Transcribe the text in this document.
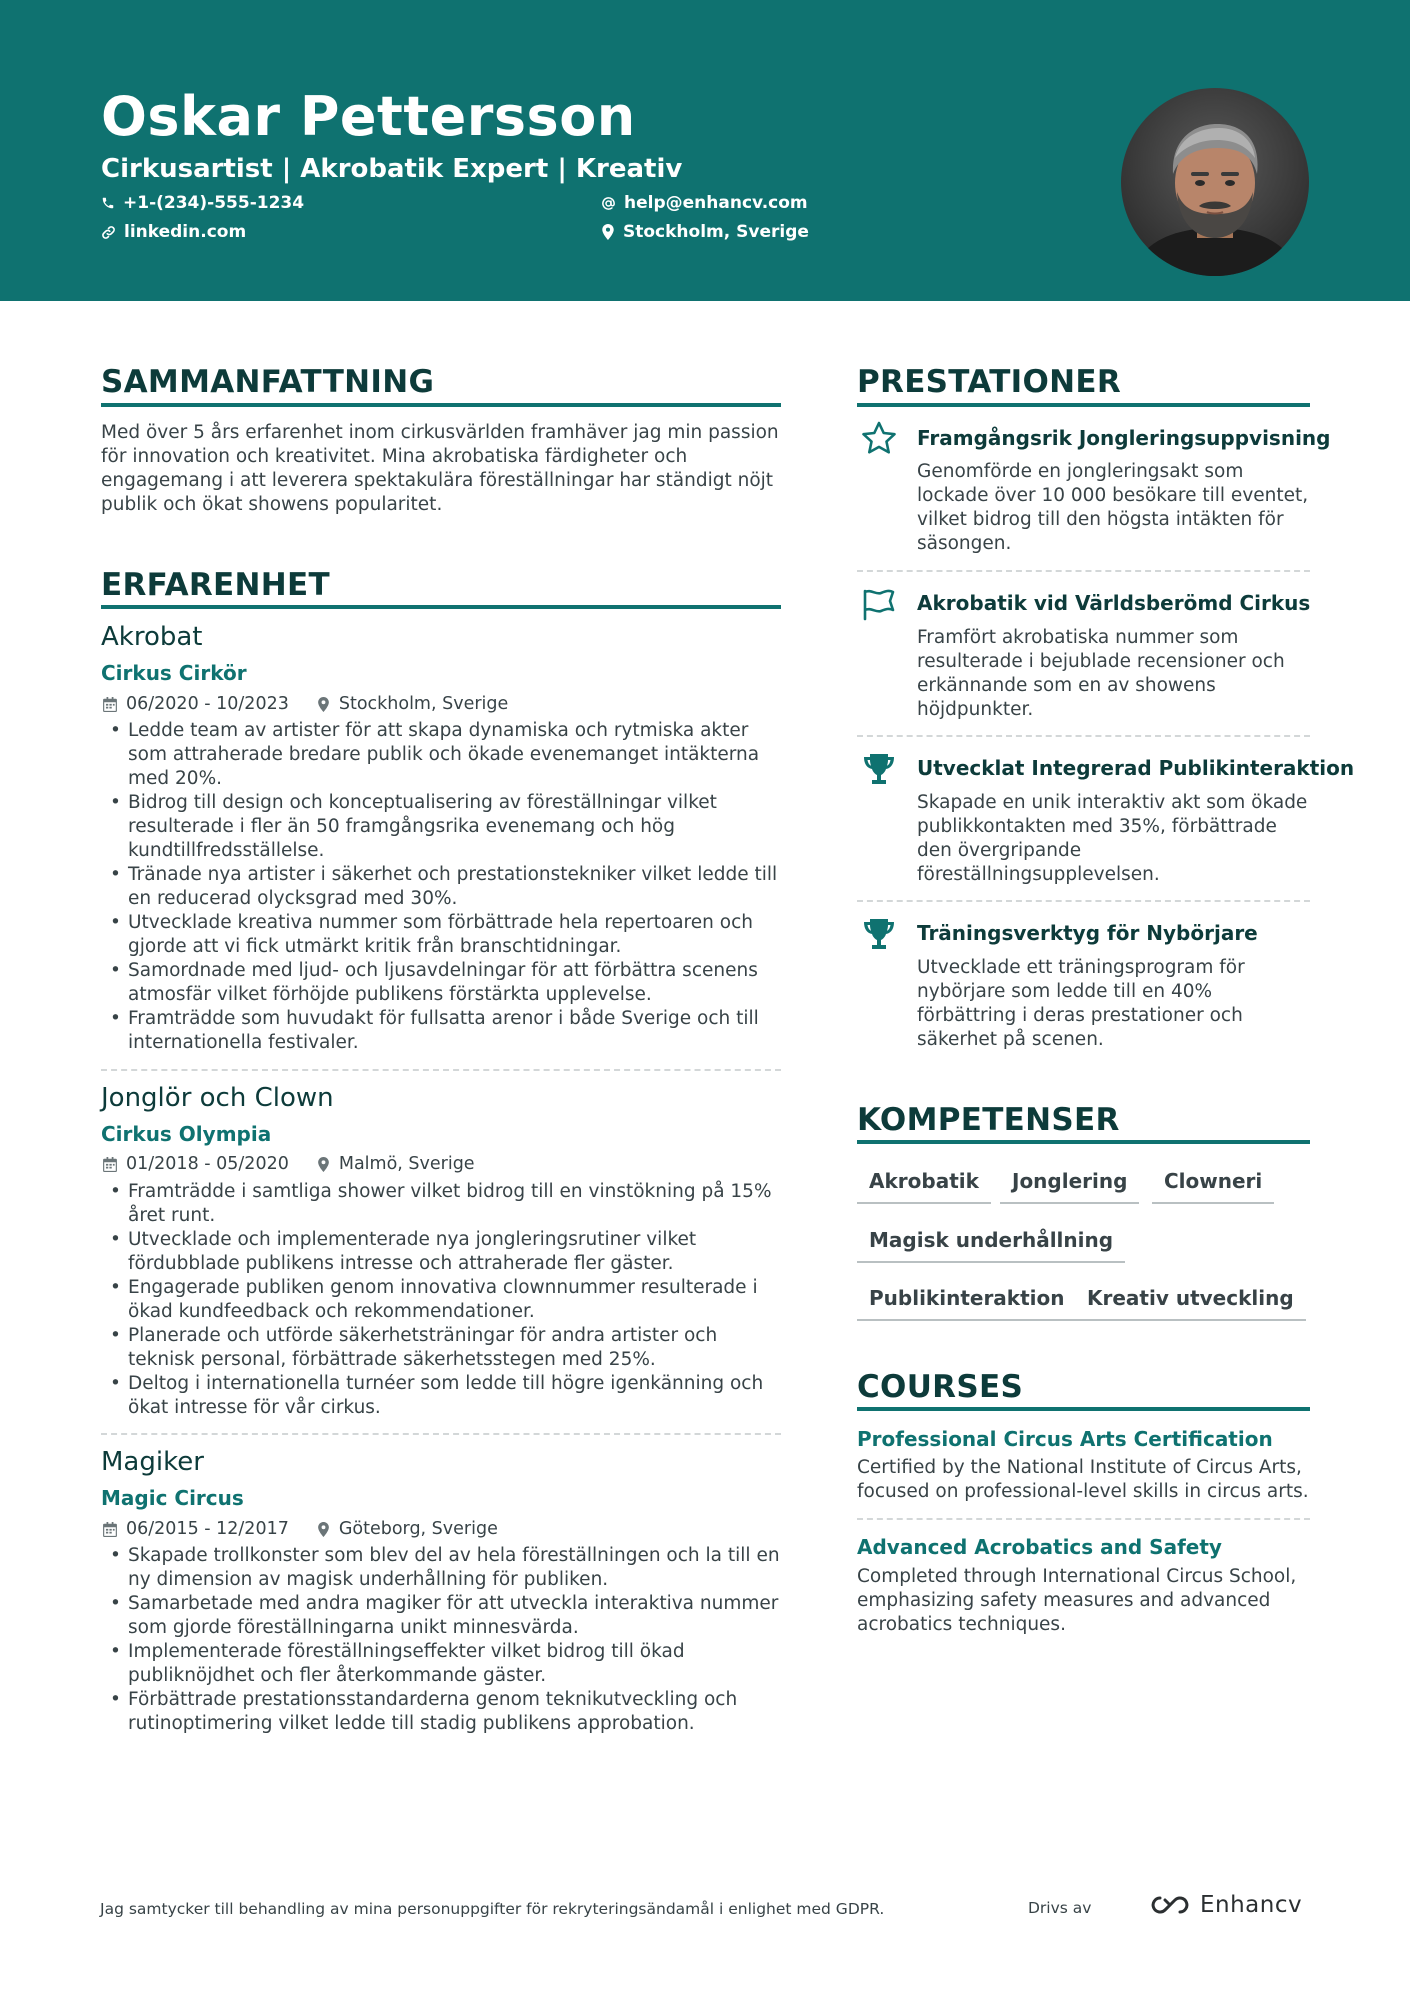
Oskar Pettersson
Cirkusartist | Akrobatik Expert | Kreativ
+1-(234)-555-1234
linkedin.com
help@enhancv.com
Stockholm, Sverige
SAMMANFATTNING
Med över 5 års erfarenhet inom cirkusvärlden framhäver jag min passion för innovation och kreativitet. Mina akrobatiska färdigheter och engagemang i att leverera spektakulära föreställningar har ständigt nöjt publik och ökat showens popularitet.
ERFARENHET
Akrobat
Cirkus Cirkör
06/2020 - 10/2023	Stockholm, Sverige
• Ledde team av artister för att skapa dynamiska och rytmiska akter som attraherade bredare publik och ökade evenemanget intäkterna med 20%.
• Bidrog till design och konceptualisering av föreställningar vilket resulterade i fler än 50 framgångsrika evenemang och hög kundtillfredsställelse.
• Tränade nya artister i säkerhet och prestationstekniker vilket ledde till en reducerad olycksgrad med 30%.
• Utvecklade kreativa nummer som förbättrade hela repertoaren och gjorde att vi fick utmärkt kritik från branschtidningar.
• Samordnade med ljud- och ljusavdelningar för att förbättra scenens atmosfär vilket förhöjde publikens förstärkta upplevelse.
• Framträdde som huvudakt för fullsatta arenor i både Sverige och till internationella festivaler.
Jonglör och Clown
Cirkus Olympia
01/2018 - 05/2020	Malmö, Sverige
• Framträdde i samtliga shower vilket bidrog till en vinstökning på 15% året runt.
• Utvecklade och implementerade nya jongleringsrutiner vilket fördubblade publikens intresse och attraherade fler gäster.
• Engagerade publiken genom innovativa clownnummer resulterade i ökad kundfeedback och rekommendationer.
• Planerade och utförde säkerhetsträningar för andra artister och teknisk personal, förbättrade säkerhetsstegen med 25%.
• Deltog i internationella turnéer som ledde till högre igenkänning och ökat intresse för vår cirkus.
Magiker
Magic Circus
06/2015 - 12/2017	Göteborg, Sverige
• Skapade trollkonster som blev del av hela föreställningen och la till en ny dimension av magisk underhållning för publiken.
• Samarbetade med andra magiker för att utveckla interaktiva nummer som gjorde föreställningarna unikt minnesvärda.
• Implementerade föreställningseffekter vilket bidrog till ökad publiknöjdhet och fler återkommande gäster.
• Förbättrade prestationsstandarderna genom teknikutveckling och rutinoptimering vilket ledde till stadig publikens approbation.
PRESTATIONER
Framgångsrik Jongleringsuppvisning
Genomförde en jongleringsakt som lockade över 10 000 besökare till eventet, vilket bidrog till den högsta intäkten för säsongen.
Akrobatik vid Världsberömd Cirkus
Framfört akrobatiska nummer som resulterade i bejublade recensioner och erkännande som en av showens höjdpunkter.
Utvecklat Integrerad Publikinteraktion
Skapade en unik interaktiv akt som ökade publikkontakten med 35%, förbättrade den övergripande föreställningsupplevelsen.
Träningsverktyg för Nybörjare
Utvecklade ett träningsprogram för nybörjare som ledde till en 40% förbättring i deras prestationer och säkerhet på scenen.
KOMPETENSER
Akrobatik	Jonglering	Clowneri
Magisk underhållning
Publikinteraktion	Kreativ utveckling
COURSES
Professional Circus Arts Certification
Certified by the National Institute of Circus Arts, focused on professional-level skills in circus arts.
Advanced Acrobatics and Safety
Completed through International Circus School, emphasizing safety measures and advanced acrobatics techniques.
Jag samtycker till behandling av mina personuppgifter för rekryteringsändamål i enlighet med GDPR.	Drivs av	Enhancv
